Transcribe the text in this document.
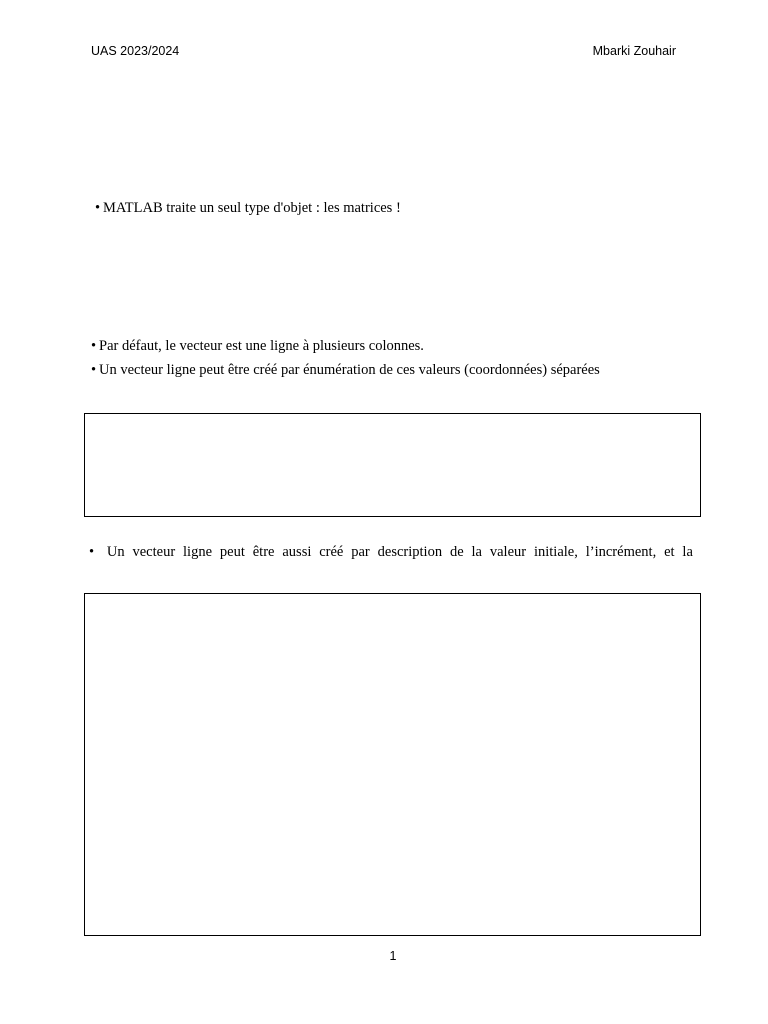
UAS 2023/2024	Mbarki Zouhair
• MATLAB traite un seul type d'objet : les matrices !
• Par défaut, le vecteur est une ligne à plusieurs colonnes.
• Un vecteur ligne peut être créé par énumération de ces valeurs (coordonnées) séparées
• Un vecteur ligne peut être aussi créé par description de la valeur initiale, l’incrément, et la
1
